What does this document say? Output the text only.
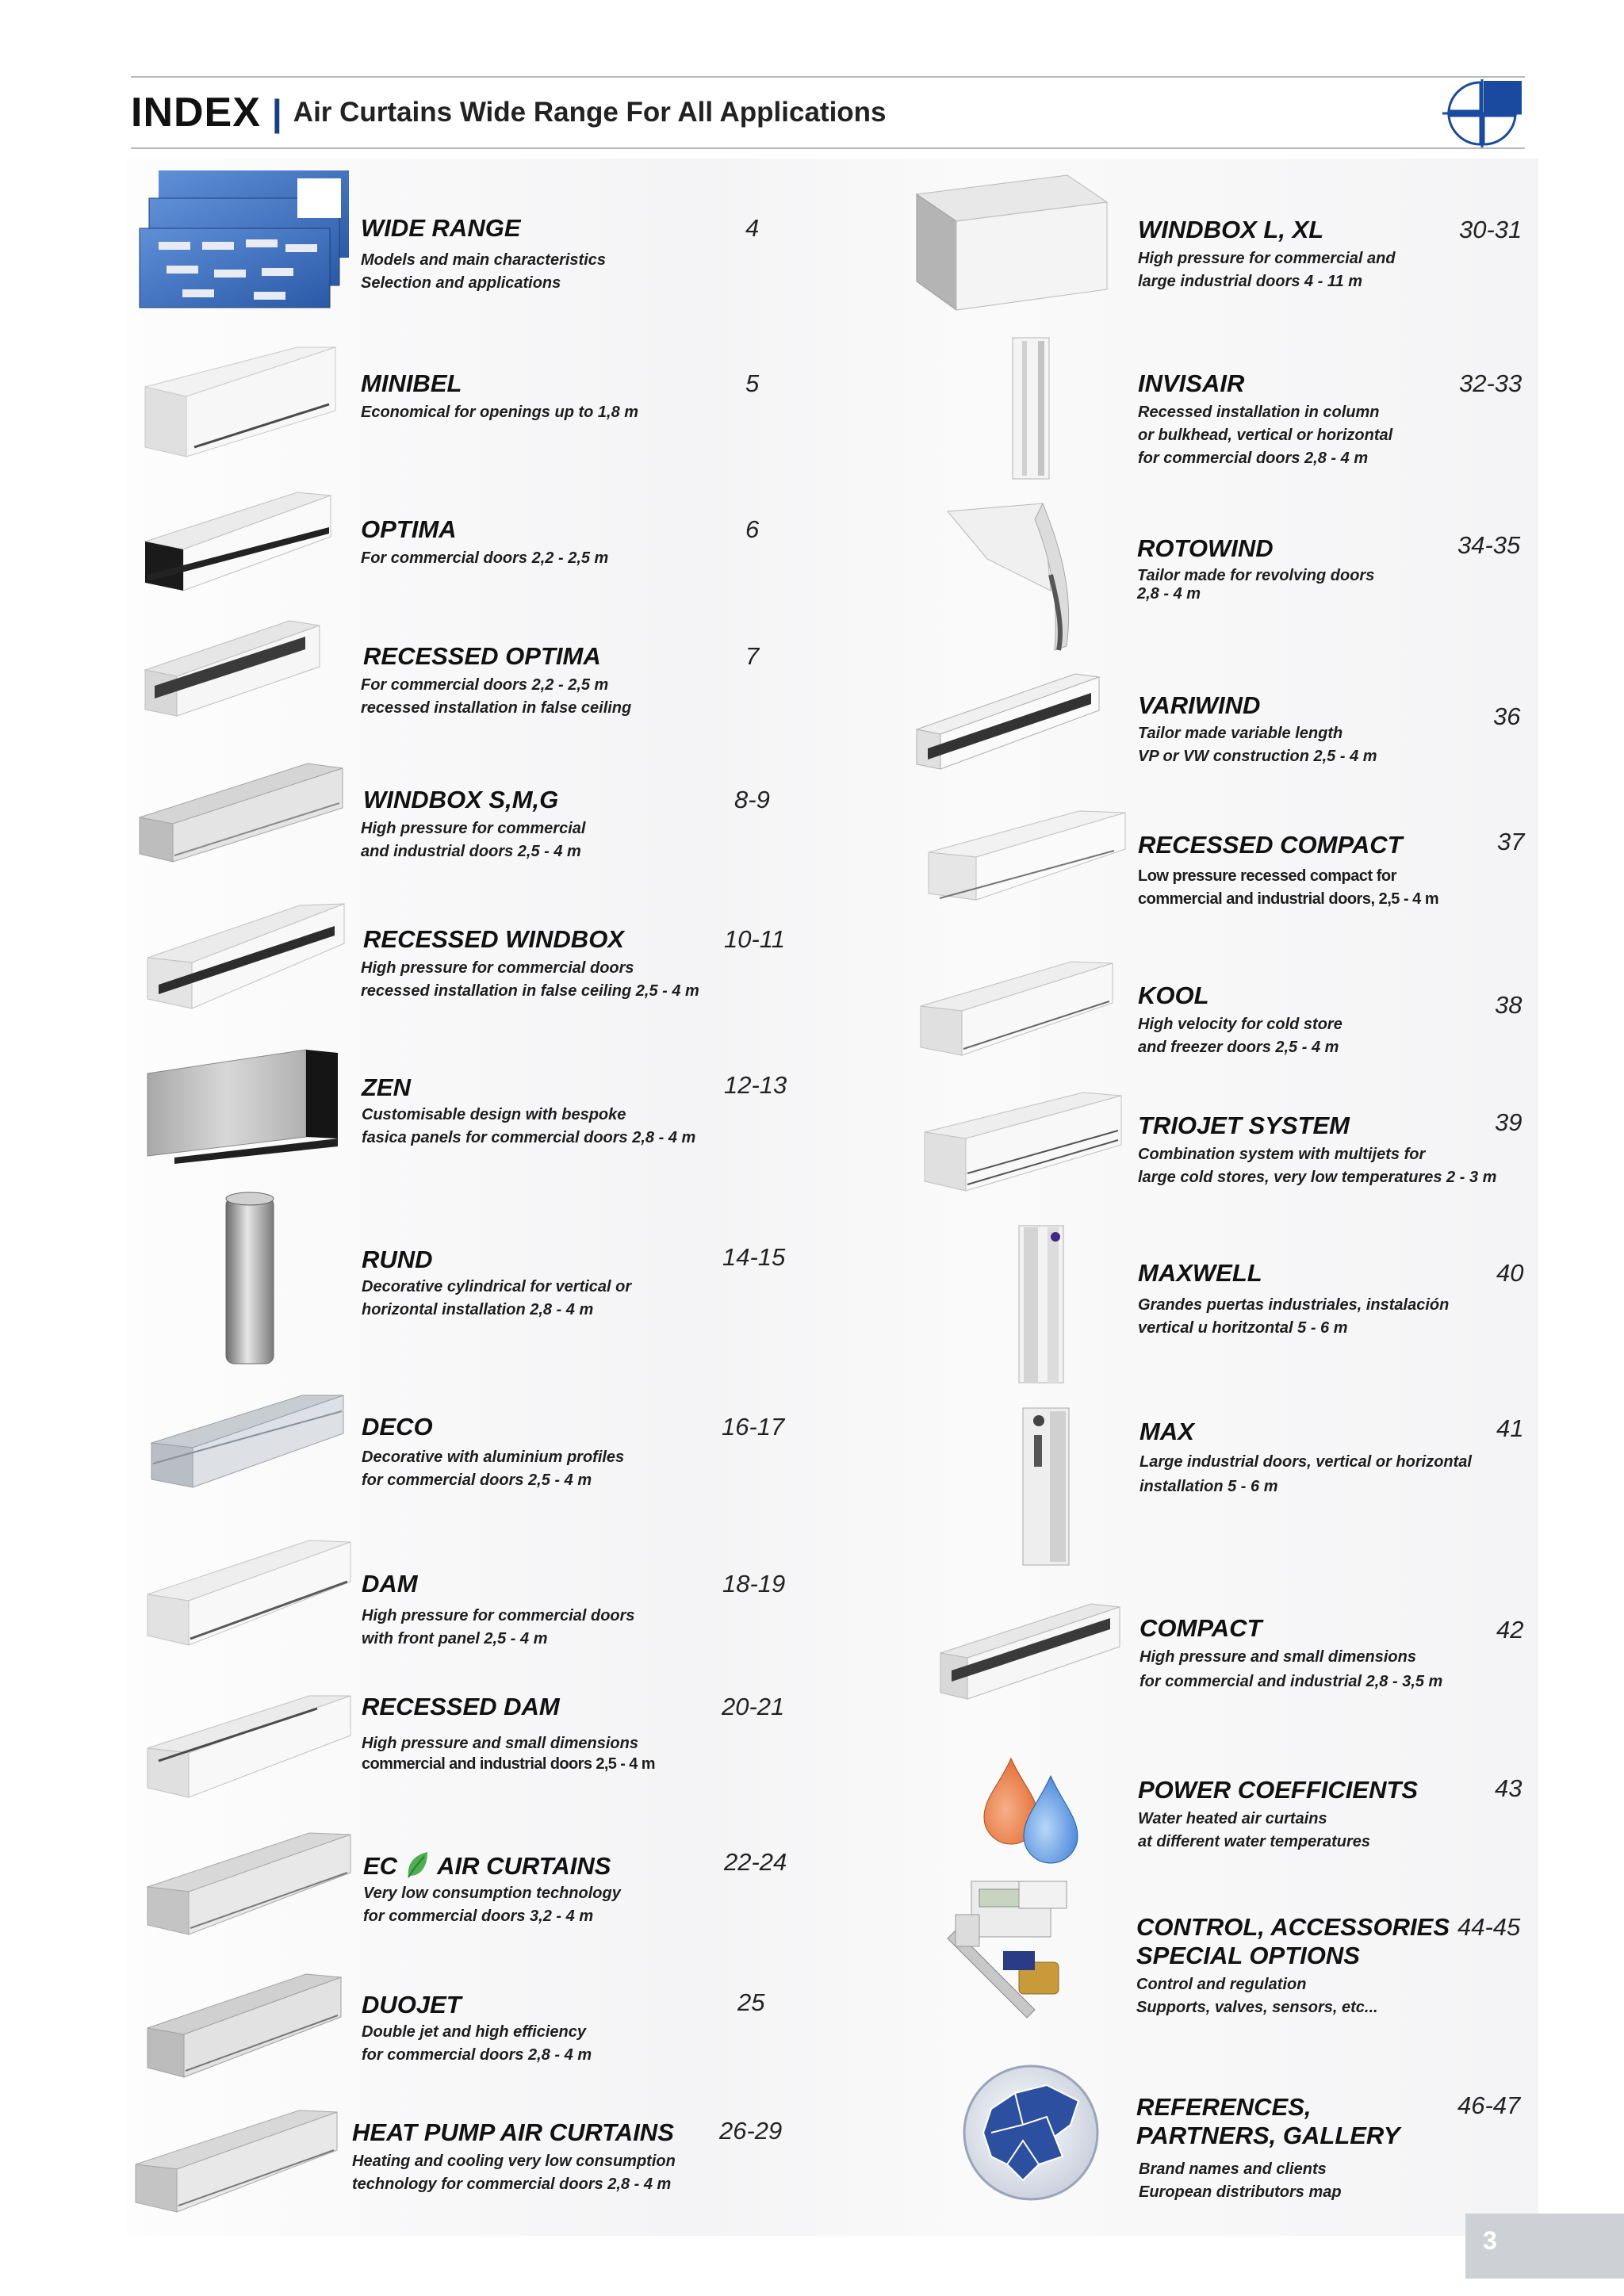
INDEX | Air Curtains Wide Range For All Applications
WIDE RANGE	4
Models and main characteristics
Selection and applications
MINIBEL	5
Economical for openings up to 1,8 m
OPTIMA	6
For commercial doors 2,2 - 2,5 m
RECESSED OPTIMA	7
For commercial doors 2,2 - 2,5 m
recessed installation in false ceiling
WINDBOX S,M,G	8-9
High pressure for commercial
and industrial doors 2,5 - 4 m
RECESSED WINDBOX	10-11
High pressure for commercial doors
recessed installation in false ceiling 2,5 - 4 m
ZEN	12-13
Customisable design with bespoke
fasica panels for commercial doors 2,8 - 4 m
RUND	14-15
Decorative cylindrical for vertical or
horizontal installation 2,8 - 4 m
DECO	16-17
Decorative with aluminium profiles
for commercial doors 2,5 - 4 m
DAM	18-19
High pressure for commercial doors
with front panel 2,5 - 4 m
RECESSED DAM	20-21
High pressure and small dimensions
commercial and industrial doors 2,5 - 4 m
EC AIR CURTAINS	22-24
Very low consumption technology
for commercial doors 3,2 - 4 m
DUOJET	25
Double jet and high efficiency
for commercial doors 2,8 - 4 m
HEAT PUMP AIR CURTAINS 26-29
Heating and cooling very low consumption
technology for commercial doors 2,8 - 4 m
WINDBOX L, XL	30-31
High pressure for commercial and
large industrial doors 4 - 11 m
INVISAIR	32-33
Recessed installation in column
or bulkhead, vertical or horizontal
for commercial doors 2,8 - 4 m
ROTOWIND	34-35
Tailor made for revolving doors
2,8 - 4 m
VARIWIND	36
Tailor made variable length
VP or VW construction 2,5 - 4 m
RECESSED COMPACT	37
Low pressure recessed compact for
commercial and industrial doors, 2,5 - 4 m
KOOL	38
High velocity for cold store
and freezer doors 2,5 - 4 m
TRIOJET SYSTEM	39
Combination system with multijets for
large cold stores, very low temperatures 2 - 3 m
MAXWELL	40
Grandes puertas industriales, instalación
vertical u horitzontal 5 - 6 m
MAX	41
Large industrial doors, vertical or horizontal
installation 5 - 6 m
COMPACT	42
High pressure and small dimensions
for commercial and industrial 2,8 - 3,5 m
POWER COEFFICIENTS	43
Water heated air curtains
at different water temperatures
CONTROL, ACCESSORIES
SPECIAL OPTIONS
44-45
Control and regulation
Supports, valves, sensors, etc...
REFERENCES,
PARTNERS, GALLERY
46-47
Brand names and clients
European distributors map
3
